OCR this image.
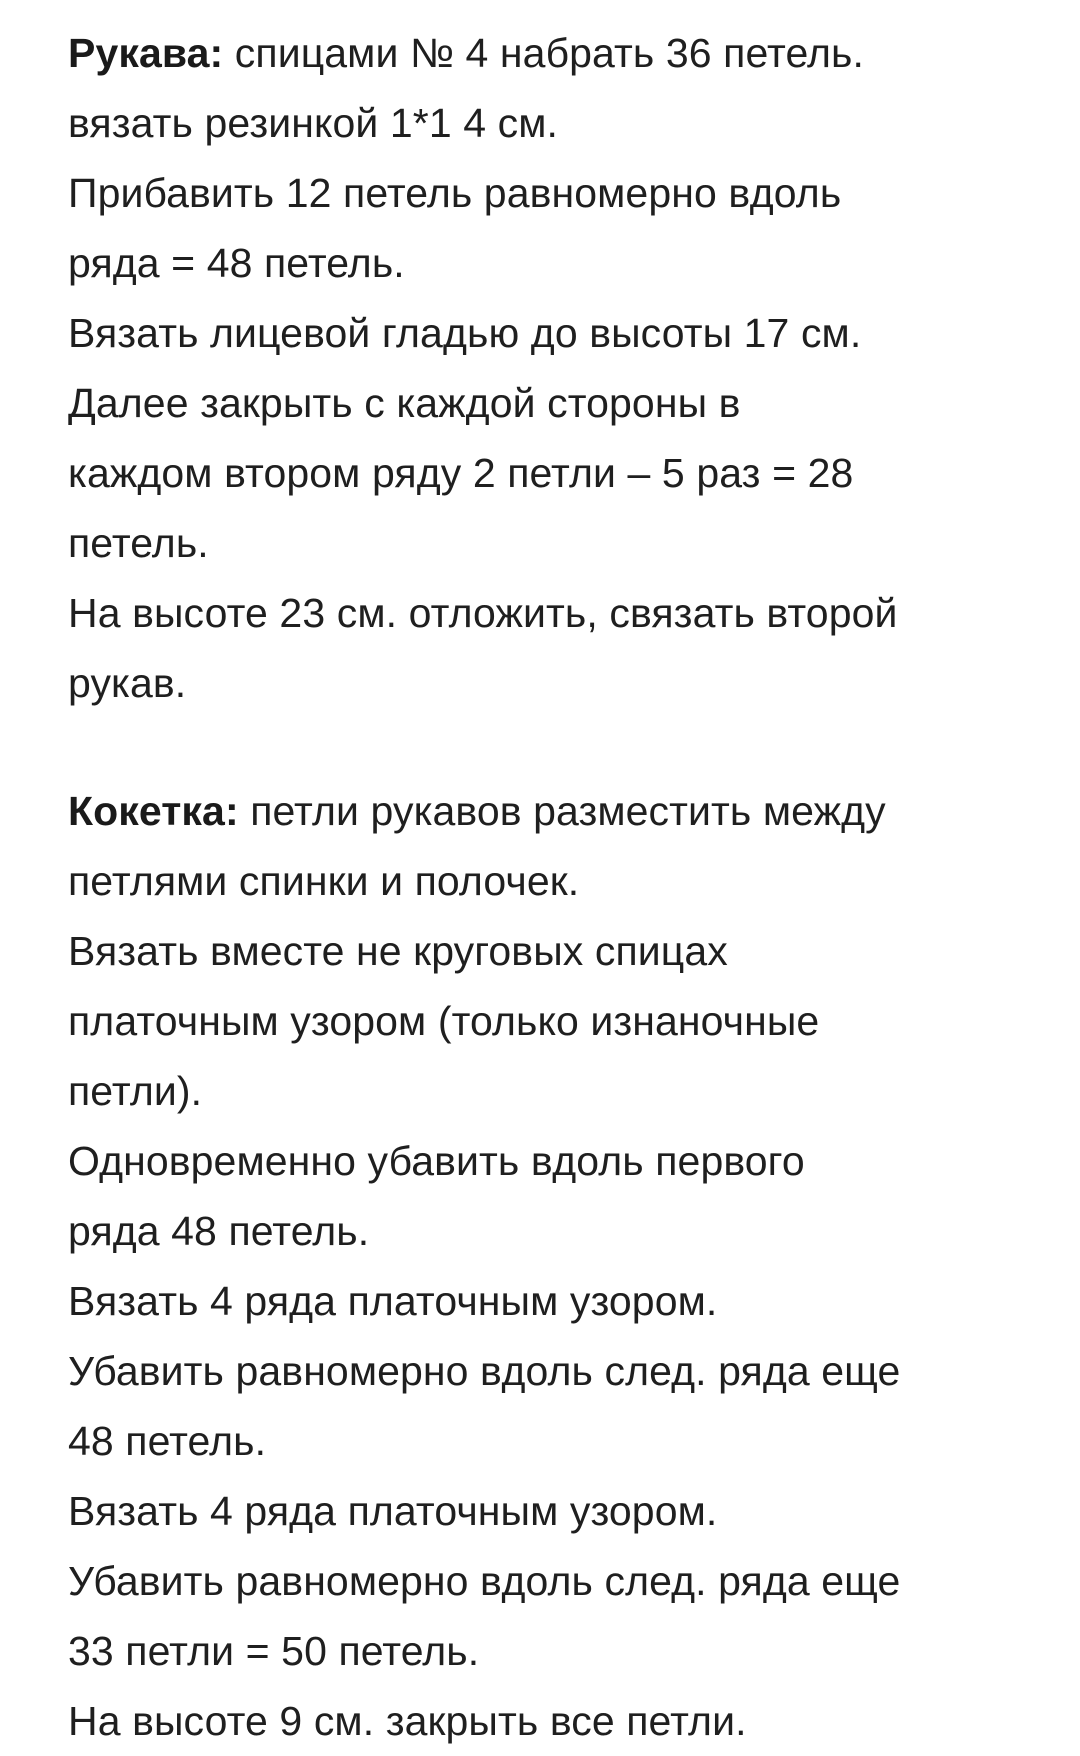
Рукава: спицами № 4 набрать 36 петель.

вязать резинкой 1*1 4 см.

Прибавить 12 петель равномерно вдоль

ряда = 48 петель.

Вязать лицевой гладью до высоты 17 см.

Далее закрыть с каждой стороны в

каждом втором ряду 2 петли – 5 раз = 28

петель.

На высоте 23 см. отложить, связать второй

рукав.

Кокетка: петли рукавов разместить между

петлями спинки и полочек.

Вязать вместе не круговых спицах

платочным узором (только изнаночные

петли).

Одновременно убавить вдоль первого

ряда 48 петель.

Вязать 4 ряда платочным узором.

Убавить равномерно вдоль след. ряда еще

48 петель.

Вязать 4 ряда платочным узором.

Убавить равномерно вдоль след. ряда еще

33 петли = 50 петель.

На высоте 9 см. закрыть все петли.
